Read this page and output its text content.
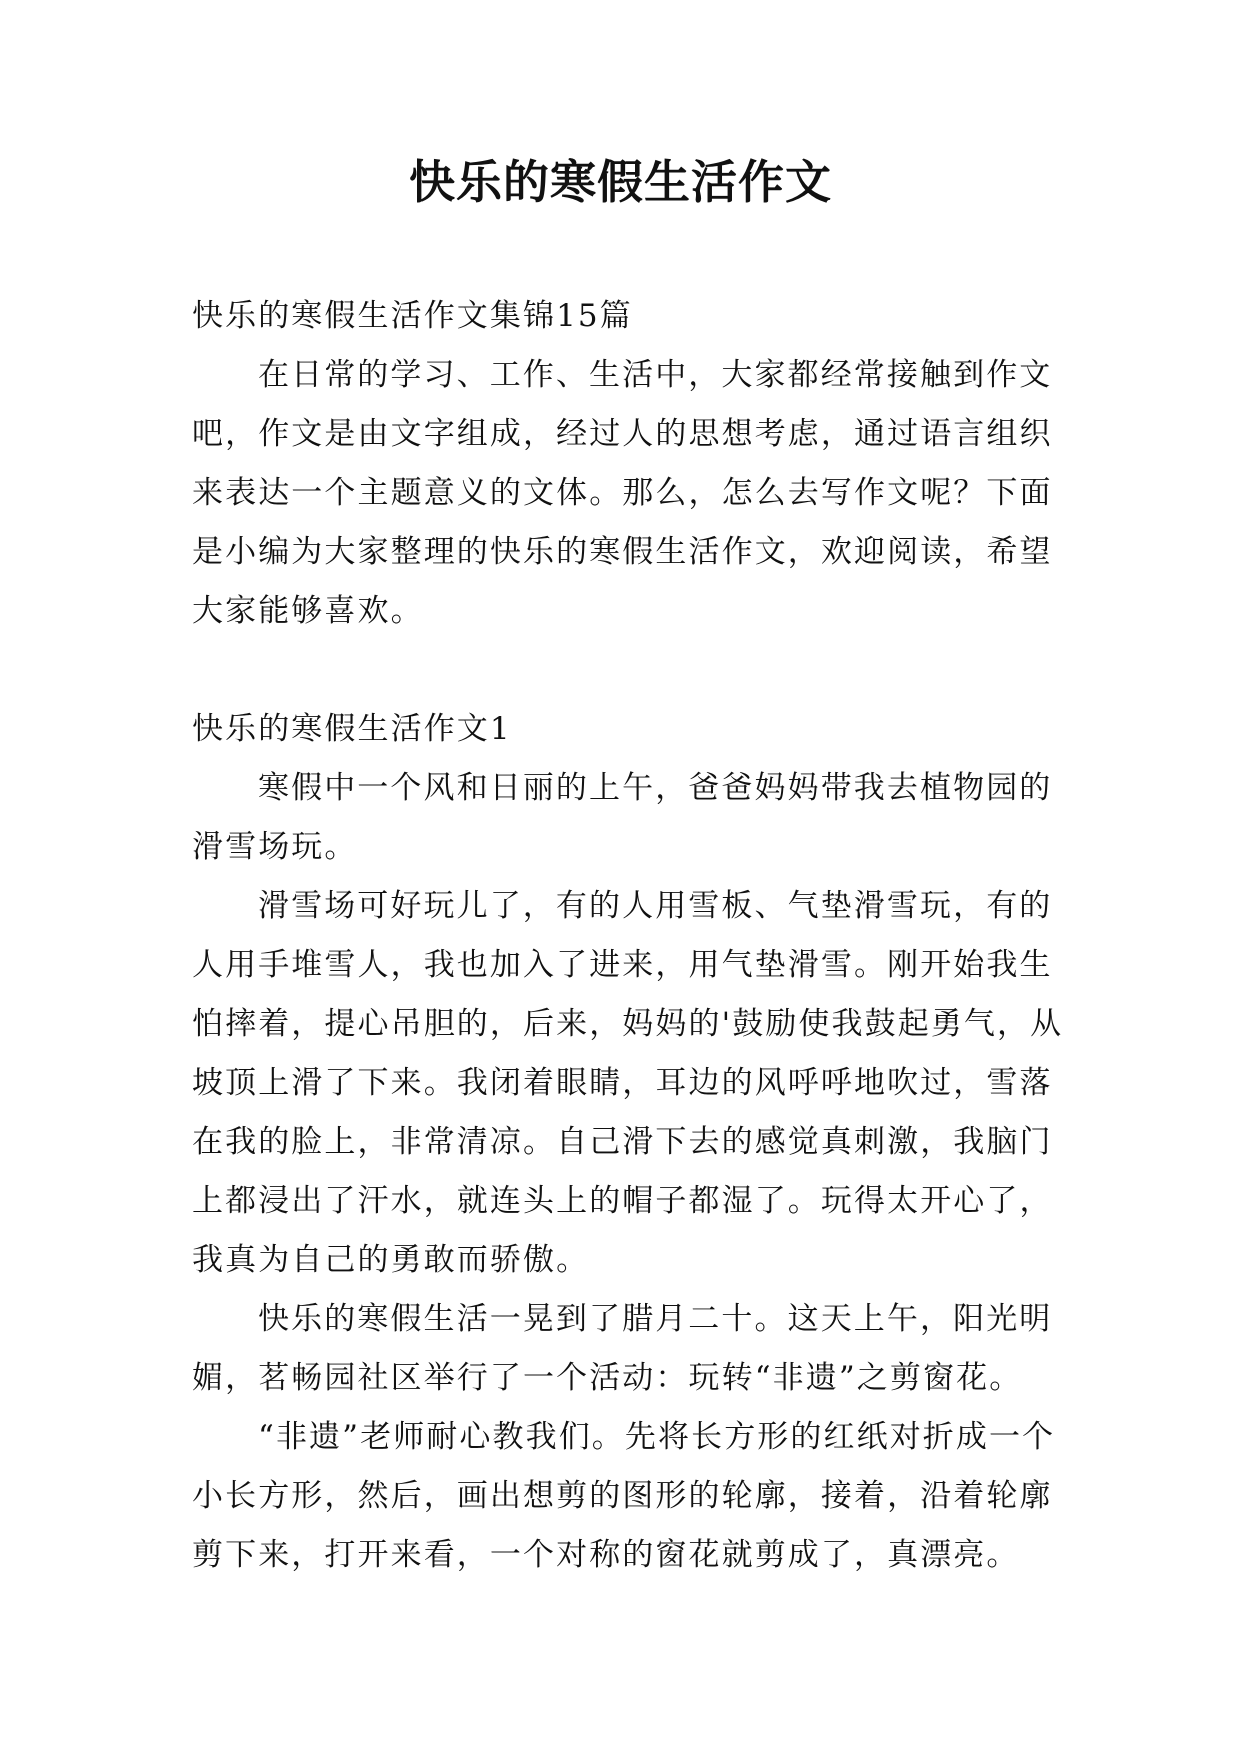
快乐的寒假生活作文

快乐的寒假生活作文集锦15篇

在日常的学习、工作、生活中，大家都经常接触到作文吧，作文是由文字组成，经过人的思想考虑，通过语言组织来表达一个主题意义的文体。那么，怎么去写作文呢？下面是小编为大家整理的快乐的寒假生活作文，欢迎阅读，希望大家能够喜欢。

快乐的寒假生活作文1

寒假中一个风和日丽的上午，爸爸妈妈带我去植物园的滑雪场玩。

滑雪场可好玩儿了，有的人用雪板、气垫滑雪玩，有的人用手堆雪人，我也加入了进来，用气垫滑雪。刚开始我生怕摔着，提心吊胆的，后来，妈妈的'鼓励使我鼓起勇气，从坡顶上滑了下来。我闭着眼睛，耳边的风呼呼地吹过，雪落在我的脸上，非常清凉。自己滑下去的感觉真刺激，我脑门上都浸出了汗水，就连头上的帽子都湿了。玩得太开心了，我真为自己的勇敢而骄傲。

快乐的寒假生活一晃到了腊月二十。这天上午，阳光明媚，茗畅园社区举行了一个活动：玩转“非遗”之剪窗花。

“非遗”老师耐心教我们。先将长方形的红纸对折成一个小长方形，然后，画出想剪的图形的轮廓，接着，沿着轮廓剪下来，打开来看，一个对称的窗花就剪成了，真漂亮。
